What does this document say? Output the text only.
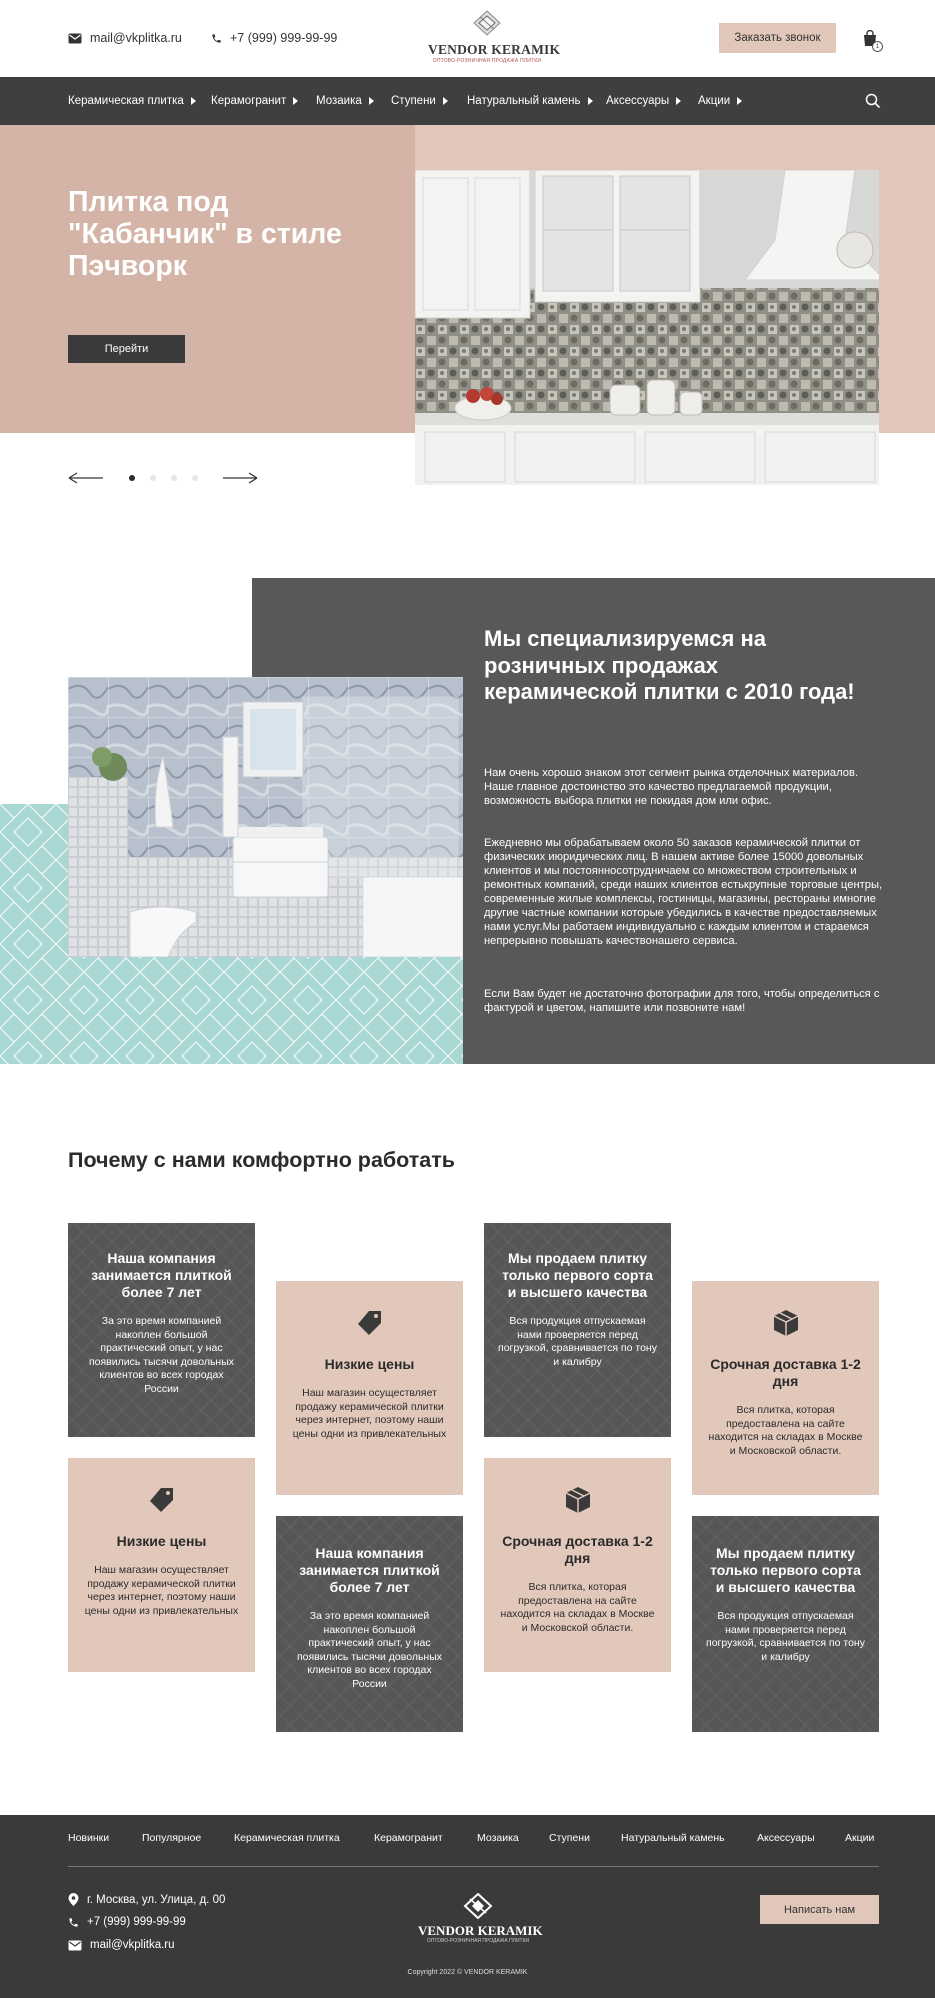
mail@vkplitka.ru	+7 (999) 999-99-99
VENDOR KERAMIK
ОПТОВО-РОЗНИЧНАЯ ПРОДАЖА ПЛИТКИ
Заказать звонок
1
Керамическая плитка	Керамогранит	Мозаика	Ступени	Натуральный камень	Аксессуары	Акции
Плитка под "Кабанчик" в стиле Пэчворк
Перейти
Мы специализируемся на розничных продажах керамической плитки с 2010 года!
Нам очень хорошо знаком этот сегмент рынка отделочных материалов. Наше главное достоинство это качество предлагаемой продукции, возможность выбора плитки не покидая дом или офис.
Ежедневно мы обрабатываем около 50 заказов керамической плитки от физических июридических лиц. В нашем активе более 15000 довольных клиентов и мы постоянносотрудничаем со множеством строительных и ремонтных компаний, среди наших клиентов естькрупные торговые центры, современные жилые комплексы, гостиницы, магазины, рестораны имногие другие частные компании которые убедились в качестве предоставляемых нами услуг.Мы работаем индивидуально с каждым клиентом и стараемся непрерывно повышать качествонашего сервиса.
Если Вам будет не достаточно фотографии для того, чтобы определиться с фактурой и цветом, напишите или позвоните нам!
Почему с нами комфортно работать
Наша компания занимается плиткой более 7 лет
За это время компанией накоплен большой практический опыт, у нас появились тысячи довольных клиентов во всех городах России
Низкие цены
Наш магазин осуществляет продажу керамической плитки через интернет, поэтому наши цены одни из привлекательных
Мы продаем плитку только первого сорта и высшего качества
Вся продукция отпускаемая нами проверяется перед погрузкой, сравнивается по тону и калибру	Срочная доставка 1-2 дня
Вся плитка, которая предоставлена на сайте находится на складах в Москве и Московской области.
Низкие цены
Наш магазин осуществляет продажу керамической плитки через интернет, поэтому наши цены одни из привлекательных
Наша компания занимается плиткой более 7 лет
За это время компанией накоплен большой практический опыт, у нас появились тысячи довольных клиентов во всех городах России
Срочная доставка 1-2 дня
Вся плитка, которая предоставлена на сайте находится на складах в Москве и Московской области.
Мы продаем плитку только первого сорта и высшего качества
Вся продукция отпускаемая нами проверяется перед погрузкой, сравнивается по тону и калибру
Новинки	Популярное	Керамическая плитка	Керамогранит	Мозаика	Ступени	Натуральный камень	Аксессуары	Акции
г. Москва, ул. Улица, д. 00
+7 (999) 999-99-99
mail@vkplitka.ru
VENDOR KERAMIK
ОПТОВО-РОЗНИЧНАЯ ПРОДАЖА ПЛИТКИ
Написать нам
Copyright 2022 © VENDOR KERAMIK
